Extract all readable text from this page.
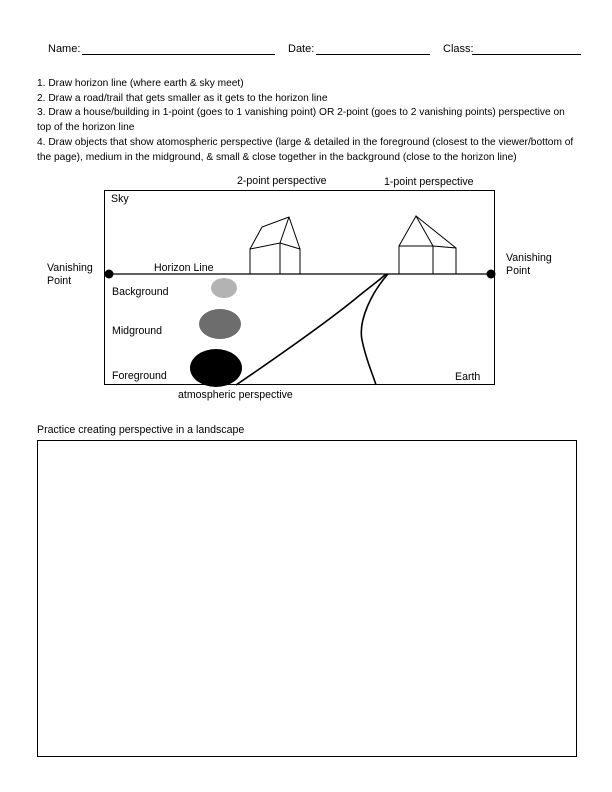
Name:	Date:	Class:

1. Draw horizon line (where earth & sky meet)

2. Draw a road/trail that gets smaller as it gets to the horizon line

3. Draw a house/building in 1-point (goes to 1 vanishing point) OR 2-point (goes to 2 vanishing points) perspective on top of the horizon line

4. Draw objects that show atomospheric perspective (large & detailed in the foreground (closest to the viewer/bottom of the page), medium in the midground, & small & close together in the background (close to the horizon line)

2-point perspective	1-point perspective
Sky
Horizon Line
Background
Midground
Foreground	Earth
Vanishing
Point
Vanishing
Point
atmospheric perspective
Practice creating perspective in a landscape
